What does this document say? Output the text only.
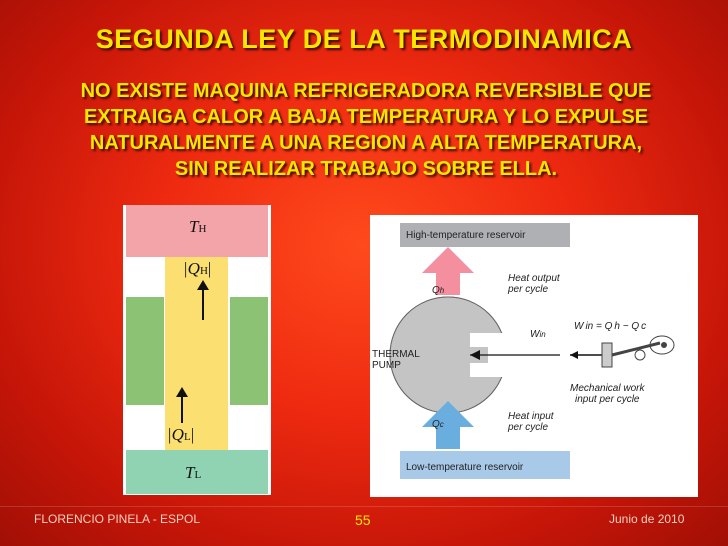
SEGUNDA LEY DE LA TERMODINAMICA
NO EXISTE MAQUINA REFRIGERADORA REVERSIBLE QUE
EXTRAIGA CALOR A BAJA TEMPERATURA Y LO EXPULSE
NATURALMENTE A UNA REGION A ALTA TEMPERATURA,
SIN REALIZAR TRABAJO SOBRE ELLA.
TH
TL
|QH|
|QL|
High-temperature reservoir
Low-temperature reservoir
Heat output
per cycle
Heat input
per cycle
THERMAL
PUMP
Qh
Qc
Win
W in = Q h − Q c
Mechanical work
input per cycle
FLORENCIO PINELA - ESPOL	55	Junio de 2010
